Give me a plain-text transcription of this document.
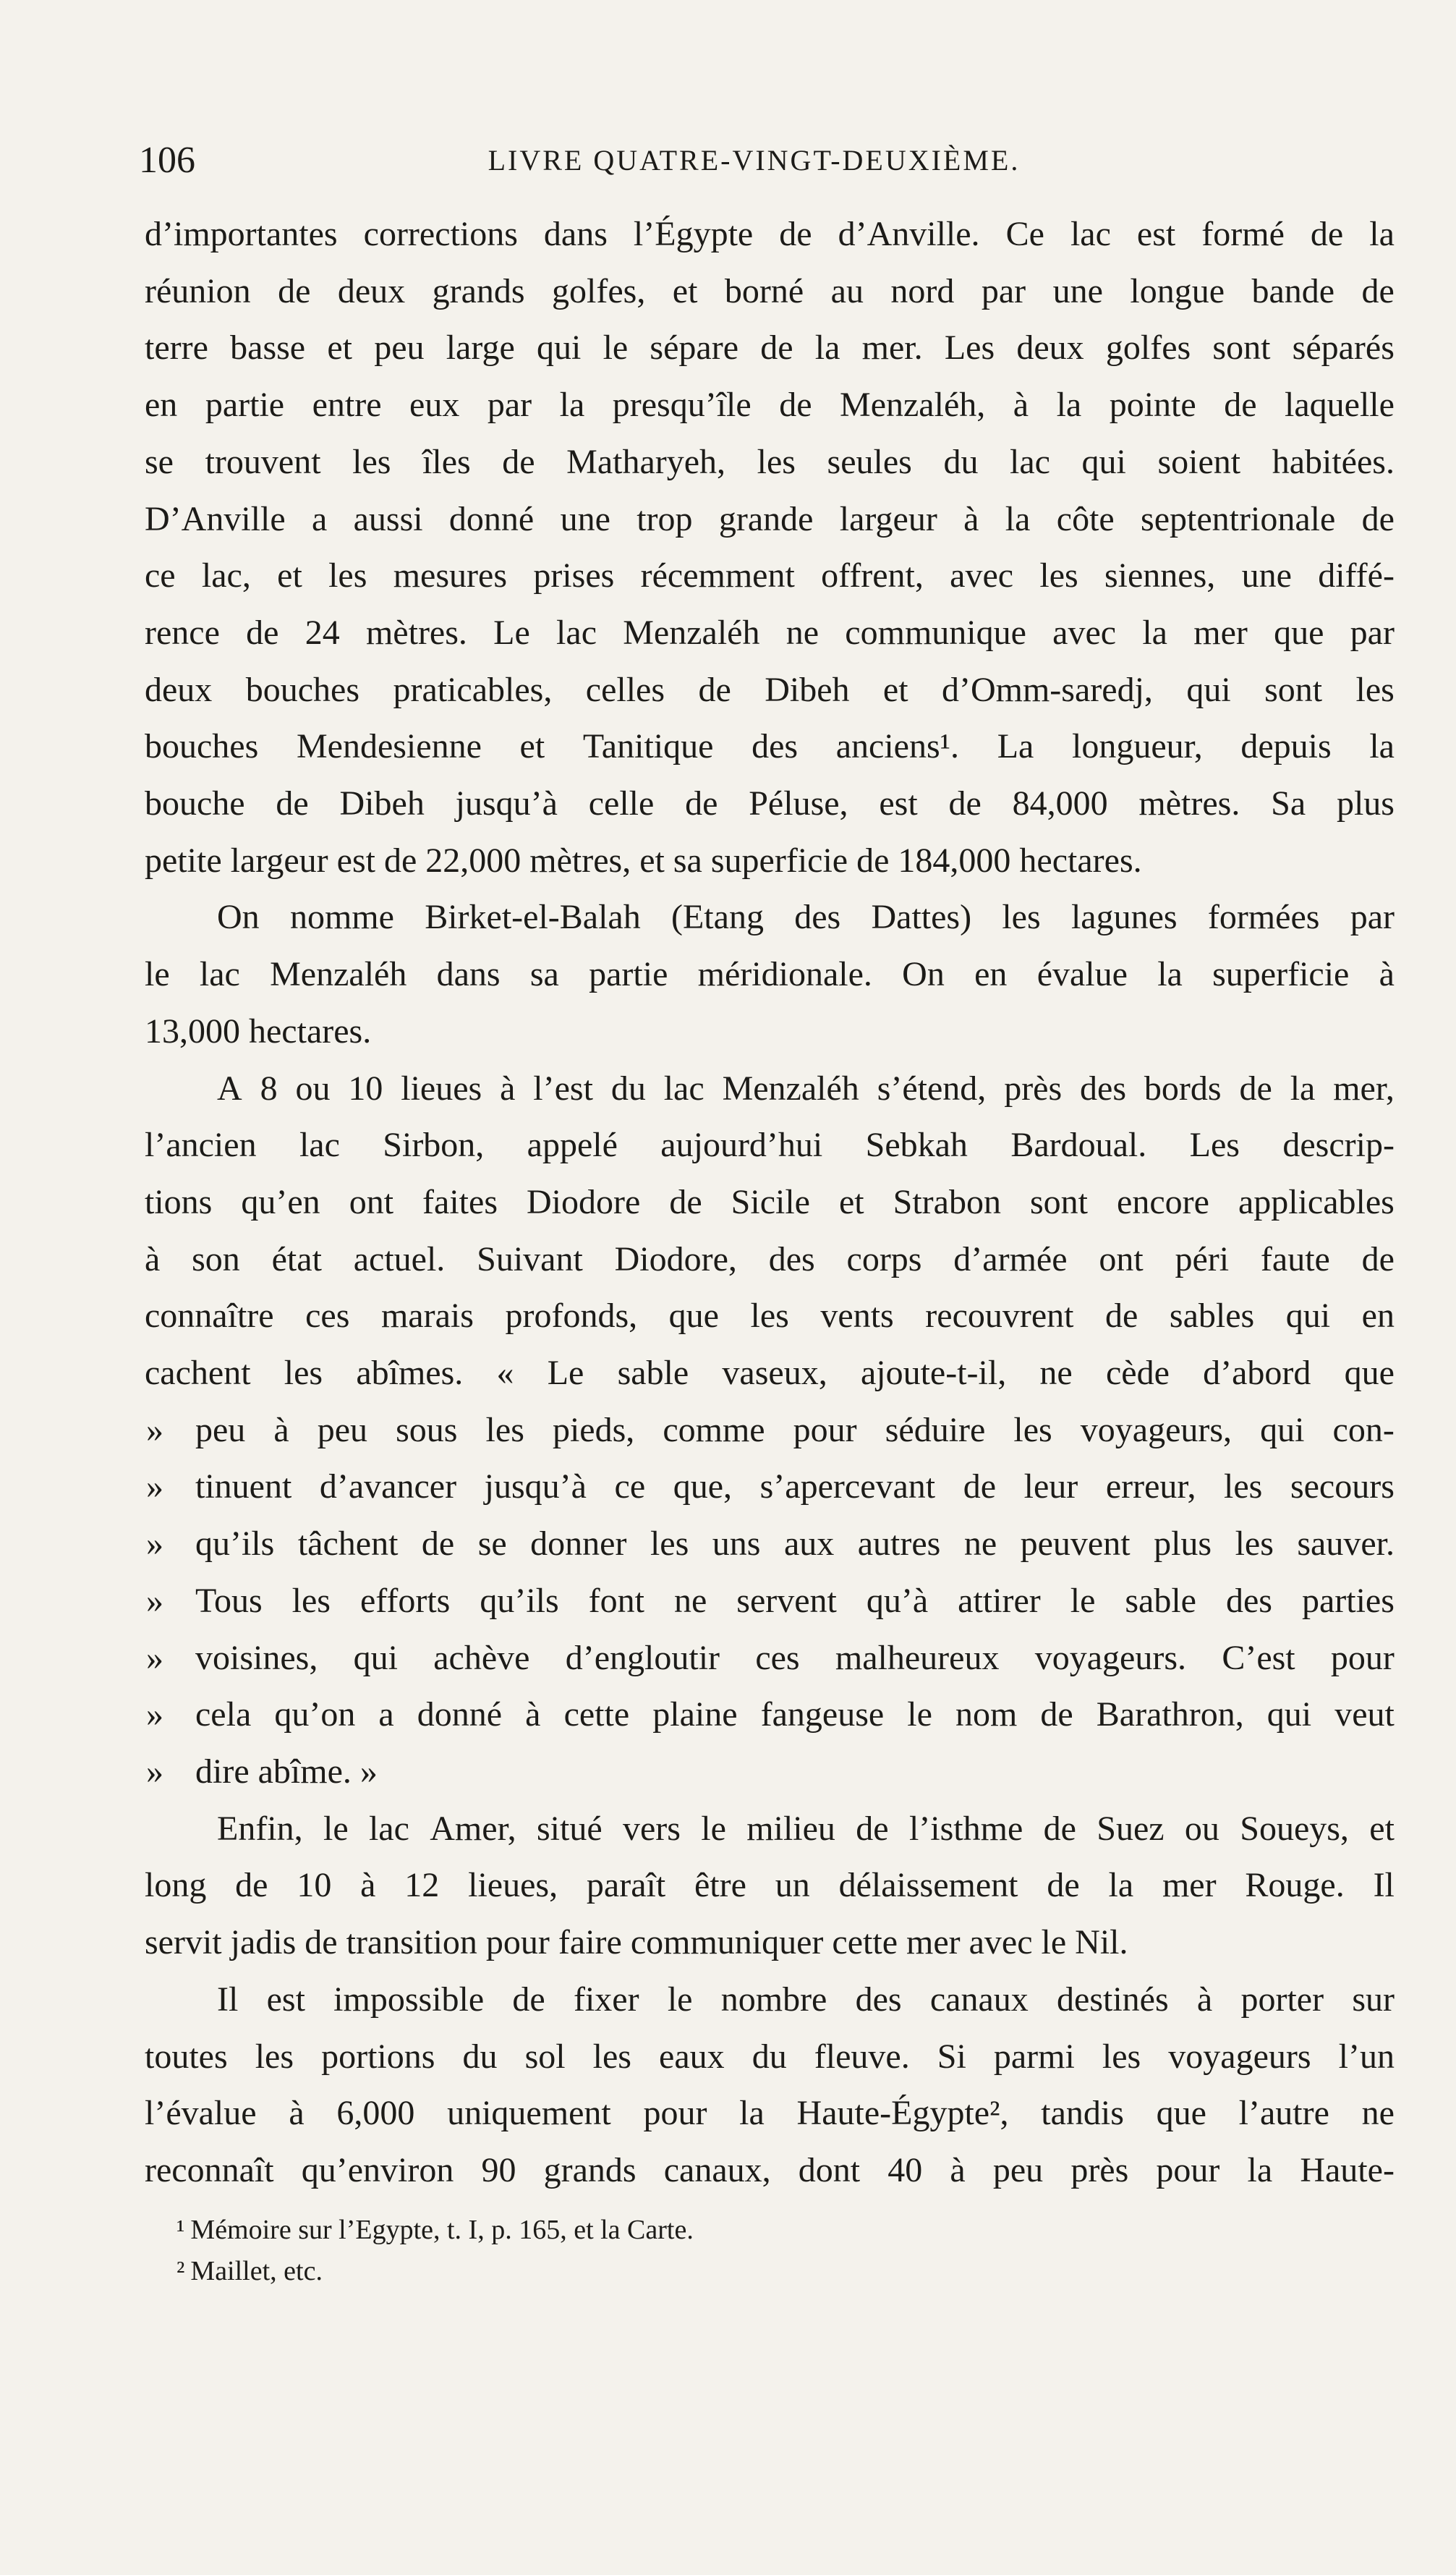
106	LIVRE QUATRE-VINGT-DEUXIÈME.
d’importantes corrections dans l’Égypte de d’Anville. Ce lac est formé de la
réunion de deux grands golfes, et borné au nord par une longue bande de
terre basse et peu large qui le sépare de la mer. Les deux golfes sont séparés
en partie entre eux par la presqu’île de Menzaléh, à la pointe de laquelle
se trouvent les îles de Matharyeh, les seules du lac qui soient habitées.
D’Anville a aussi donné une trop grande largeur à la côte septentrionale de
ce lac, et les mesures prises récemment offrent, avec les siennes, une diffé-
rence de 24 mètres. Le lac Menzaléh ne communique avec la mer que par
deux bouches praticables, celles de Dibeh et d’Omm-saredj, qui sont les
bouches Mendesienne et Tanitique des anciens¹. La longueur, depuis la
bouche de Dibeh jusqu’à celle de Péluse, est de 84,000 mètres. Sa plus
petite largeur est de 22,000 mètres, et sa superficie de 184,000 hectares.
On nomme Birket-el-Balah (Etang des Dattes) les lagunes formées par
le lac Menzaléh dans sa partie méridionale. On en évalue la superficie à
13,000 hectares.
A 8 ou 10 lieues à l’est du lac Menzaléh s’étend, près des bords de la mer,
l’ancien lac Sirbon, appelé aujourd’hui Sebkah Bardoual. Les descrip-
tions qu’en ont faites Diodore de Sicile et Strabon sont encore applicables
à son état actuel. Suivant Diodore, des corps d’armée ont péri faute de
connaître ces marais profonds, que les vents recouvrent de sables qui en
cachent les abîmes. « Le sable vaseux, ajoute-t-il, ne cède d’abord que
» peu à peu sous les pieds, comme pour séduire les voyageurs, qui con-
» tinuent d’avancer jusqu’à ce que, s’apercevant de leur erreur, les secours
» qu’ils tâchent de se donner les uns aux autres ne peuvent plus les sauver.
» Tous les efforts qu’ils font ne servent qu’à attirer le sable des parties
» voisines, qui achève d’engloutir ces malheureux voyageurs. C’est pour
» cela qu’on a donné à cette plaine fangeuse le nom de Barathron, qui veut
» dire abîme. »
Enfin, le lac Amer, situé vers le milieu de l’isthme de Suez ou Soueys, et
long de 10 à 12 lieues, paraît être un délaissement de la mer Rouge. Il
servit jadis de transition pour faire communiquer cette mer avec le Nil.
Il est impossible de fixer le nombre des canaux destinés à porter sur
toutes les portions du sol les eaux du fleuve. Si parmi les voyageurs l’un
l’évalue à 6,000 uniquement pour la Haute-Égypte², tandis que l’autre ne
reconnaît qu’environ 90 grands canaux, dont 40 à peu près pour la Haute-
¹ Mémoire sur l’Egypte, t. I, p. 165, et la Carte.
² Maillet, etc.
